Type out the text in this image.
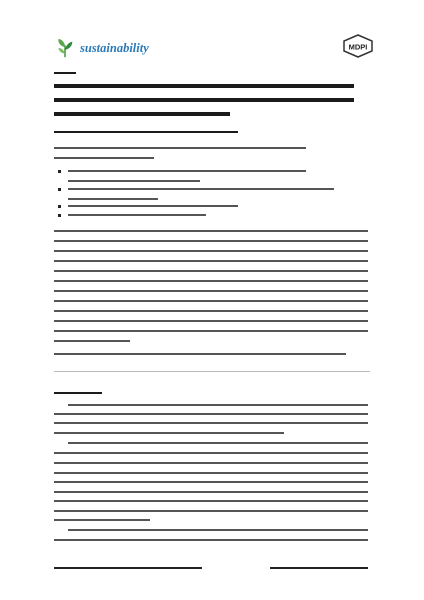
sustainability	MDPI
